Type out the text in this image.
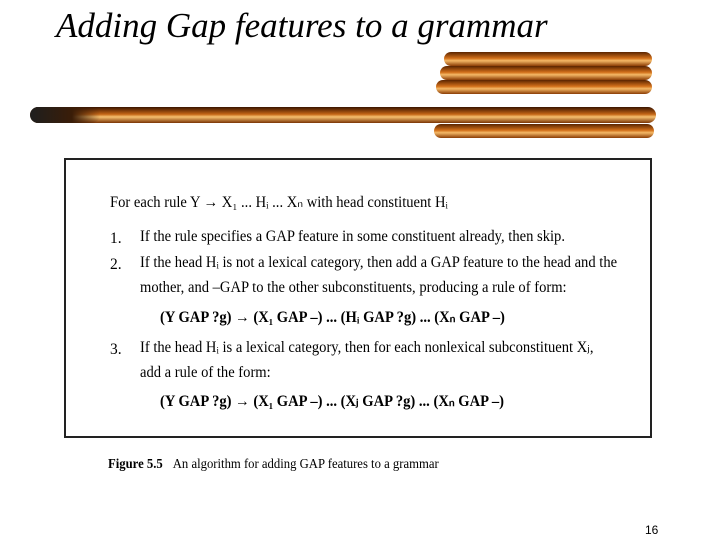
Adding Gap features to a grammar
For each rule Y → X₁ ... Hᵢ ... Xₙ with head constituent Hᵢ
1. If the rule specifies a GAP feature in some constituent already, then skip.
2. If the head Hᵢ is not a lexical category, then add a GAP feature to the head and the
mother, and –GAP to the other subconstituents, producing a rule of form:
(Y GAP ?g) → (X₁ GAP –) ... (Hᵢ GAP ?g) ... (Xₙ GAP –)
3. If the head Hᵢ is a lexical category, then for each nonlexical subconstituent Xⱼ,
add a rule of the form:
(Y GAP ?g) → (X₁ GAP –) ... (Xⱼ GAP ?g) ... (Xₙ GAP –)
Figure 5.5 An algorithm for adding GAP features to a grammar
16
